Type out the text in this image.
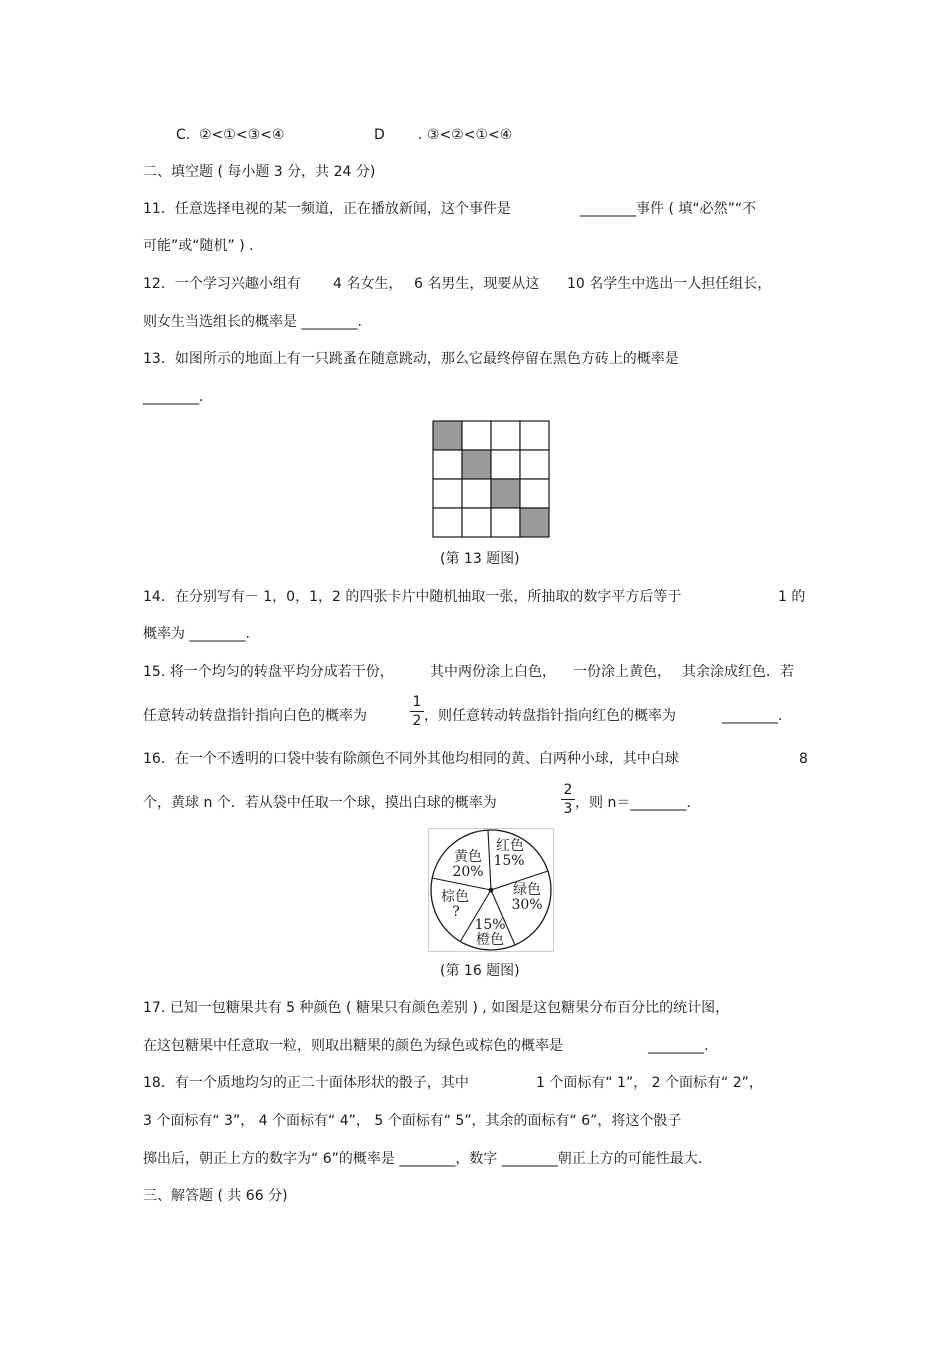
C. ②<①<③<④	D . ③<②<①<④
二、填空题 ( 每小题 3 分，共 24 分)
11．任意选择电视的某一频道，正在播放新闻，这个事件是	________事件 ( 填“必然”“不
可能”或“随机” ) .
12．一个学习兴趣小组有 4 名女生， 6 名男生，现要从这 10 名学生中选出一人担任组长，
则女生当选组长的概率是 ________.
13．如图所示的地面上有一只跳蚤在随意跳动，那么它最终停留在黑色方砖上的概率是
________．
(第 13 题图)
14．在分别写有－ 1，0，1，2 的四张卡片中随机抽取一张，所抽取的数字平方后等于	1 的
概率为 ________.
15. 将一个均匀的转盘平均分成若干份，	其中两份涂上白色， 一份涂上黄色， 其余涂成红色．若
任意转动转盘指针指向白色的概率为
1
2 ，则任意转动转盘指针指向红色的概率为	________.
16．在一个不透明的口袋中装有除颜色不同外其他均相同的黄、白两种小球，其中白球	8
个，黄球 n 个．若从袋中任取一个球，摸出白球的概率为
2
3 ，则 n＝________.
红色
15%
绿色
30%
15%
橙色
棕色
?
黄色
20%
(第 16 题图)
17. 已知一包糖果共有 5 种颜色 ( 糖果只有颜色差别 ) , 如图是这包糖果分布百分比的统计图，
在这包糖果中任意取一粒，则取出糖果的颜色为绿色或棕色的概率是	________.
18．有一个质地均匀的正二十面体形状的骰子，其中	1 个面标有“ 1”， 2 个面标有“ 2”，
3 个面标有“ 3”， 4 个面标有“ 4”， 5 个面标有“ 5”，其余的面标有“ 6”，将这个骰子
掷出后，朝正上方的数字为“ 6”的概率是 ________，数字 ________朝正上方的可能性最大.
三、解答题 ( 共 66 分)
